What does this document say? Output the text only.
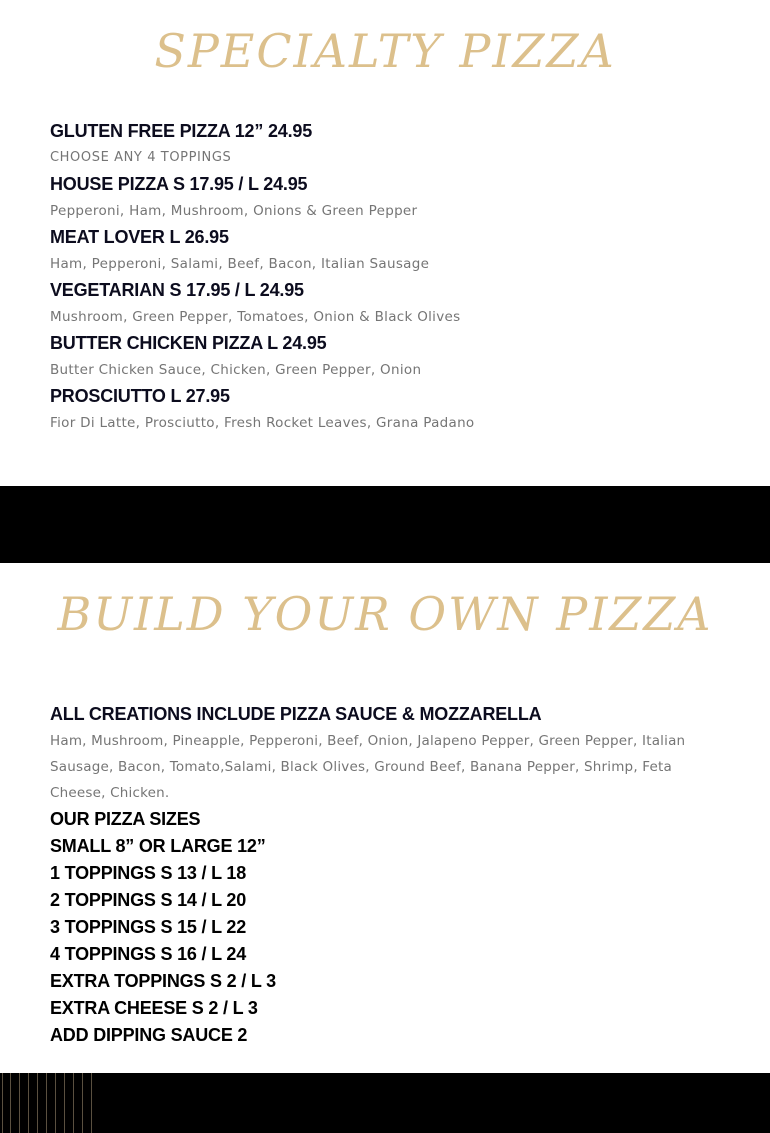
SPECIALTY PIZZA
GLUTEN FREE PIZZA 12” 24.95
CHOOSE ANY 4 TOPPINGS
HOUSE PIZZA S 17.95 / L 24.95
Pepperoni, Ham, Mushroom, Onions & Green Pepper
MEAT LOVER L 26.95
Ham, Pepperoni, Salami, Beef, Bacon, Italian Sausage
VEGETARIAN S 17.95 / L 24.95
Mushroom, Green Pepper, Tomatoes, Onion & Black Olives
BUTTER CHICKEN PIZZA L 24.95
Butter Chicken Sauce, Chicken, Green Pepper, Onion
PROSCIUTTO L 27.95
Fior Di Latte, Prosciutto, Fresh Rocket Leaves, Grana Padano
BUILD YOUR OWN PIZZA
ALL CREATIONS INCLUDE PIZZA SAUCE & MOZZARELLA
Ham, Mushroom, Pineapple, Pepperoni, Beef, Onion, Jalapeno Pepper, Green Pepper, Italian Sausage, Bacon, Tomato,Salami, Black Olives, Ground Beef, Banana Pepper, Shrimp, Feta Cheese, Chicken.
OUR PIZZA SIZES
SMALL 8” OR LARGE 12”
1 TOPPINGS S 13 / L 18
2 TOPPINGS S 14 / L 20
3 TOPPINGS S 15 / L 22
4 TOPPINGS S 16 / L 24
EXTRA TOPPINGS S 2 / L 3
EXTRA CHEESE S 2 / L 3
ADD DIPPING SAUCE 2
